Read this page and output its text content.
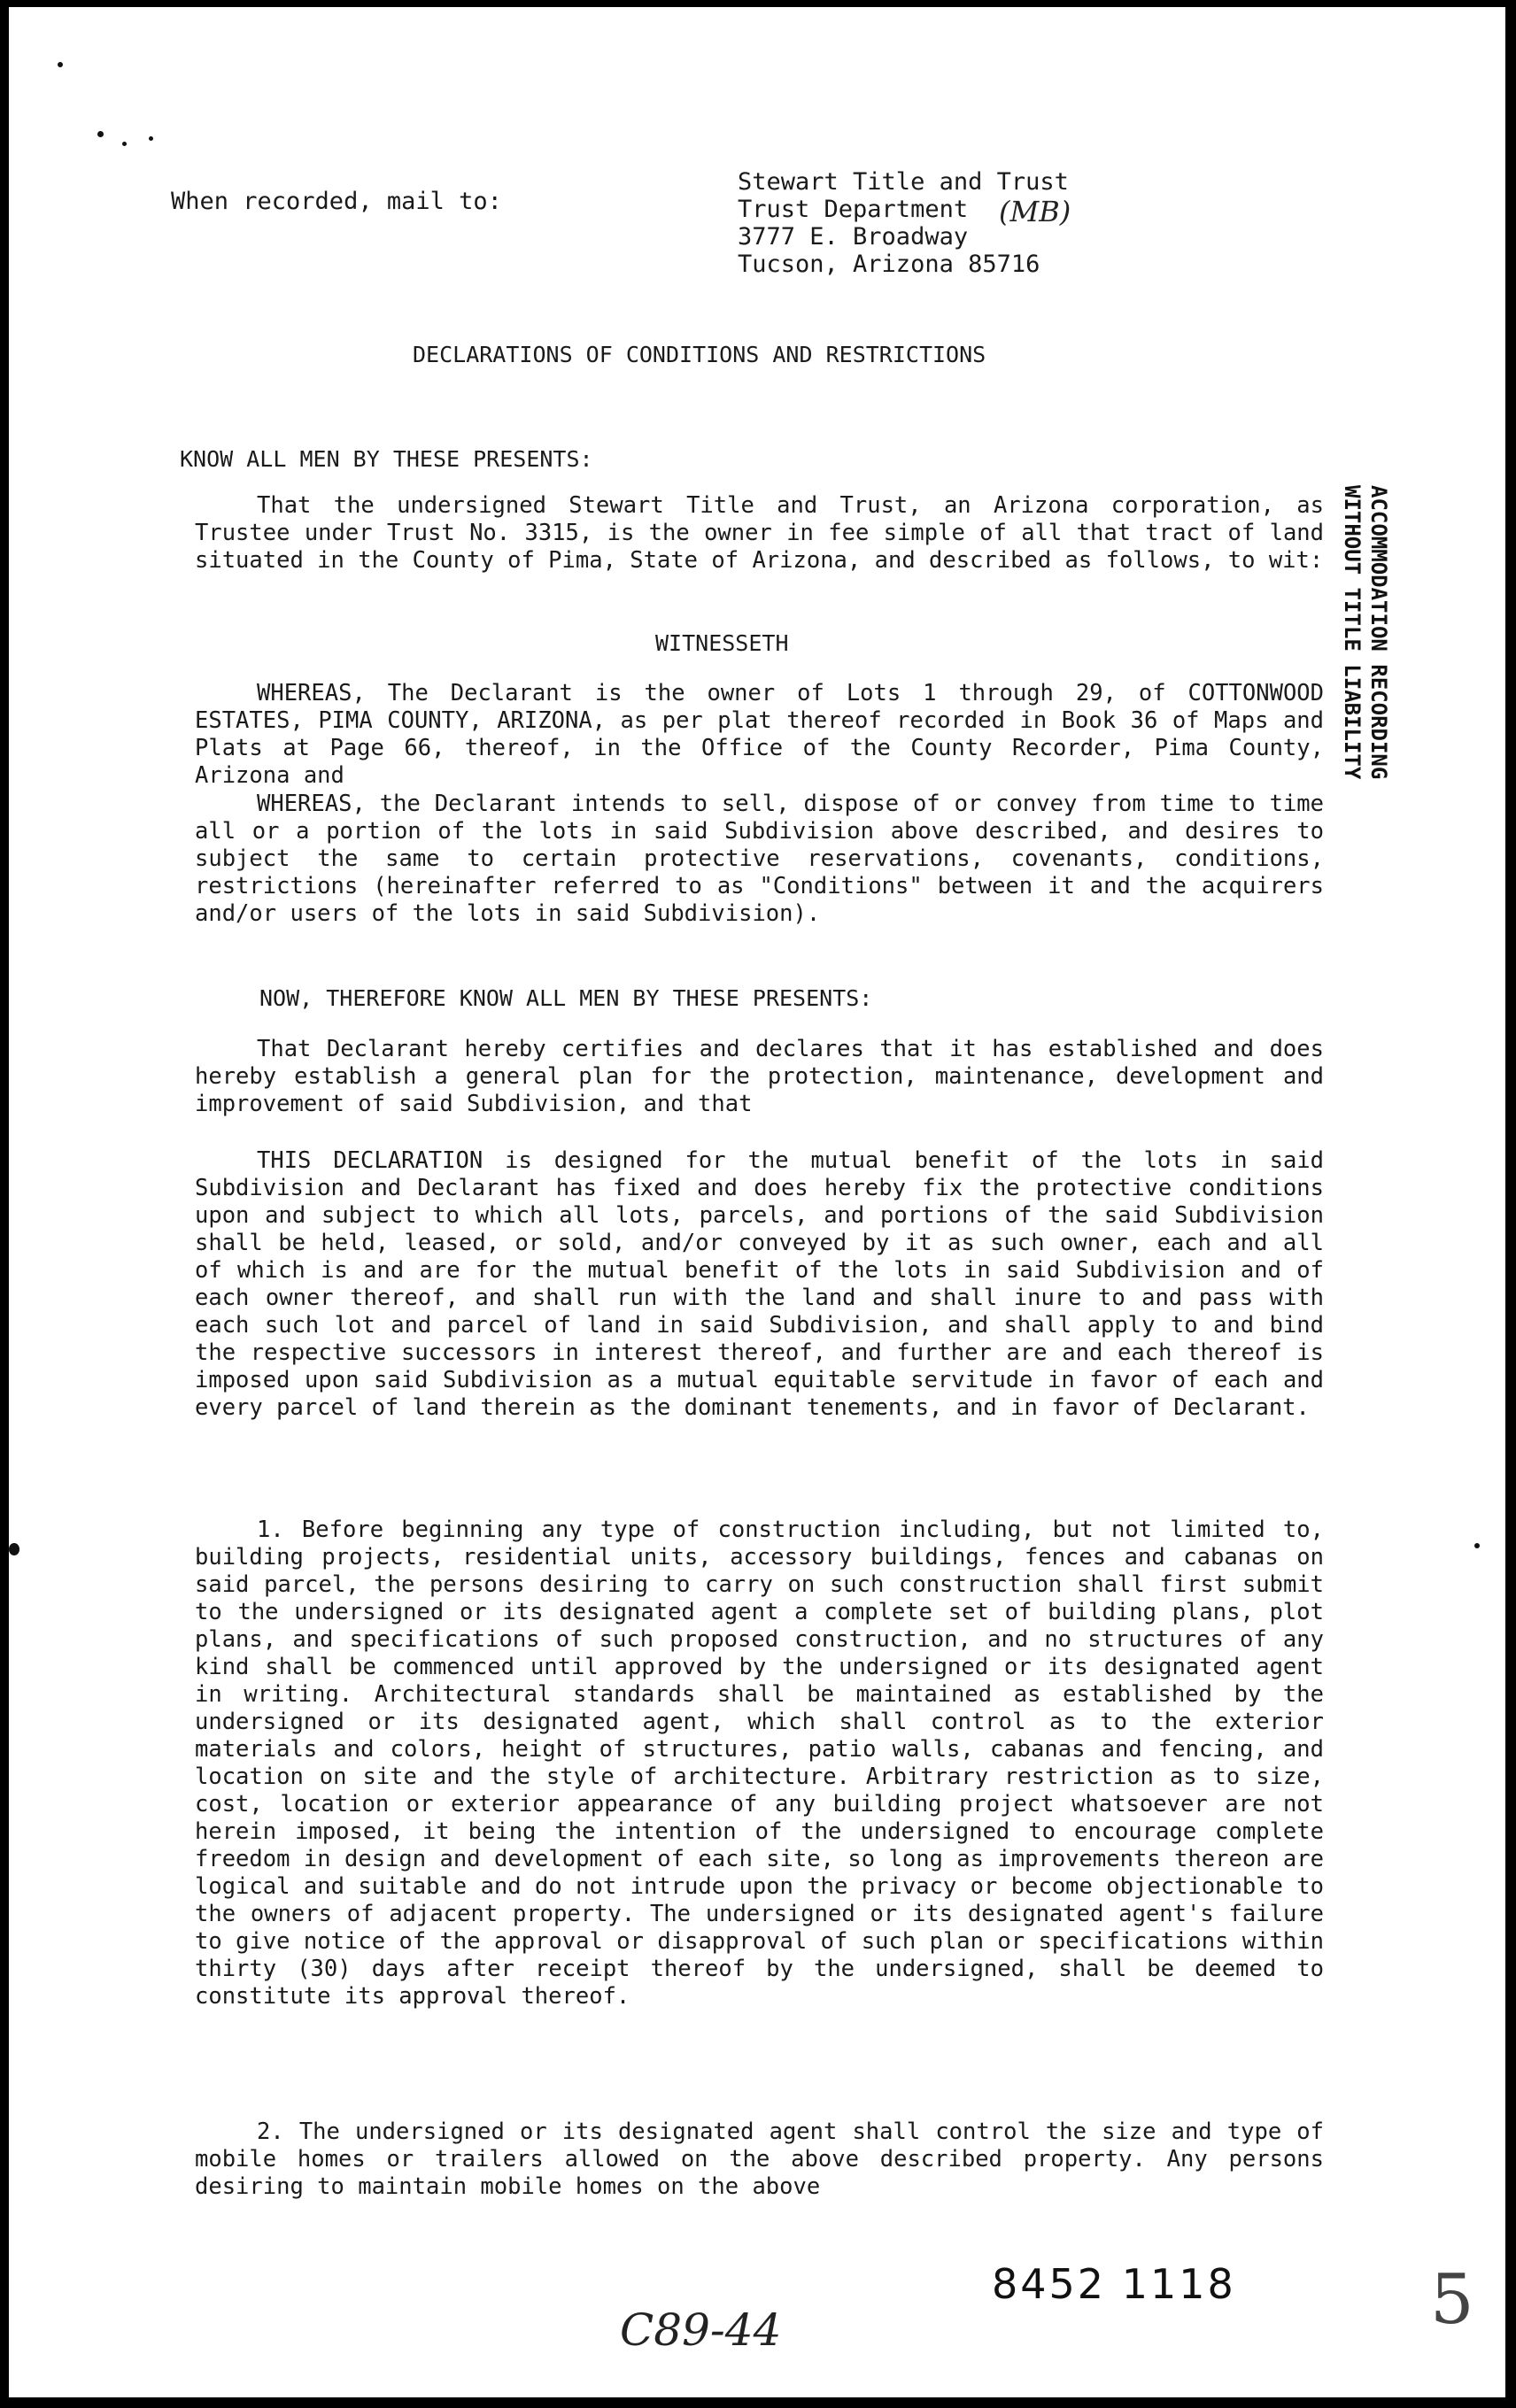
When recorded, mail to:

Stewart Title and Trust
Trust Department
3777 E. Broadway
Tucson, Arizona 85716
(MB)

DECLARATIONS OF CONDITIONS AND RESTRICTIONS

KNOW ALL MEN BY THESE PRESENTS:

That the undersigned Stewart Title and Trust, an Arizona corporation, as Trustee under Trust No. 3315, is the owner in fee simple of all that tract of land situated in the County of Pima, State of Arizona, and described as follows, to wit:

WITNESSETH

WHEREAS, The Declarant is the owner of Lots 1 through 29, of COTTONWOOD ESTATES, PIMA COUNTY, ARIZONA, as per plat thereof recorded in Book 36 of Maps and Plats at Page 66, thereof, in the Office of the County Recorder, Pima County, Arizona and
WHEREAS, the Declarant intends to sell, dispose of or convey from time to time all or a portion of the lots in said Subdivision above described, and desires to subject the same to certain protective reservations, covenants, conditions, restrictions (hereinafter referred to as "Conditions" between it and the acquirers and/or users of the lots in said Subdivision).

NOW, THEREFORE KNOW ALL MEN BY THESE PRESENTS:

That Declarant hereby certifies and declares that it has established and does hereby establish a general plan for the protection, maintenance, development and improvement of said Subdivision, and that
THIS DECLARATION is designed for the mutual benefit of the lots in said Subdivision and Declarant has fixed and does hereby fix the protective conditions upon and subject to which all lots, parcels, and portions of the said Subdivision shall be held, leased, or sold, and/or conveyed by it as such owner, each and all of which is and are for the mutual benefit of the lots in said Subdivision and of each owner thereof, and shall run with the land and shall inure to and pass with each such lot and parcel of land in said Subdivision, and shall apply to and bind the respective successors in interest thereof, and further are and each thereof is imposed upon said Subdivision as a mutual equitable servitude in favor of each and every parcel of land therein as the dominant tenements, and in favor of Declarant.
1. Before beginning any type of construction including, but not limited to, building projects, residential units, accessory buildings, fences and cabanas on said parcel, the persons desiring to carry on such construction shall first submit to the undersigned or its designated agent a complete set of building plans, plot plans, and specifications of such proposed construction, and no structures of any kind shall be commenced until approved by the undersigned or its designated agent in writing. Architectural standards shall be maintained as established by the undersigned or its designated agent, which shall control as to the exterior materials and colors, height of structures, patio walls, cabanas and fencing, and location on site and the style of architecture. Arbitrary restriction as to size, cost, location or exterior appearance of any building project whatsoever are not herein imposed, it being the intention of the undersigned to encourage complete freedom in design and development of each site, so long as improvements thereon are logical and suitable and do not intrude upon the privacy or become objectionable to the owners of adjacent property. The undersigned or its designated agent's failure to give notice of the approval or disapproval of such plan or specifications within thirty (30) days after receipt thereof by the undersigned, shall be deemed to constitute its approval thereof.
2. The undersigned or its designated agent shall control the size and type of mobile homes or trailers allowed on the above described property. Any persons desiring to maintain mobile homes on the above
ACCOMMODATION RECORDING
WITHOUT TITLE LIABILITY
8452 1118
C89-44	5
